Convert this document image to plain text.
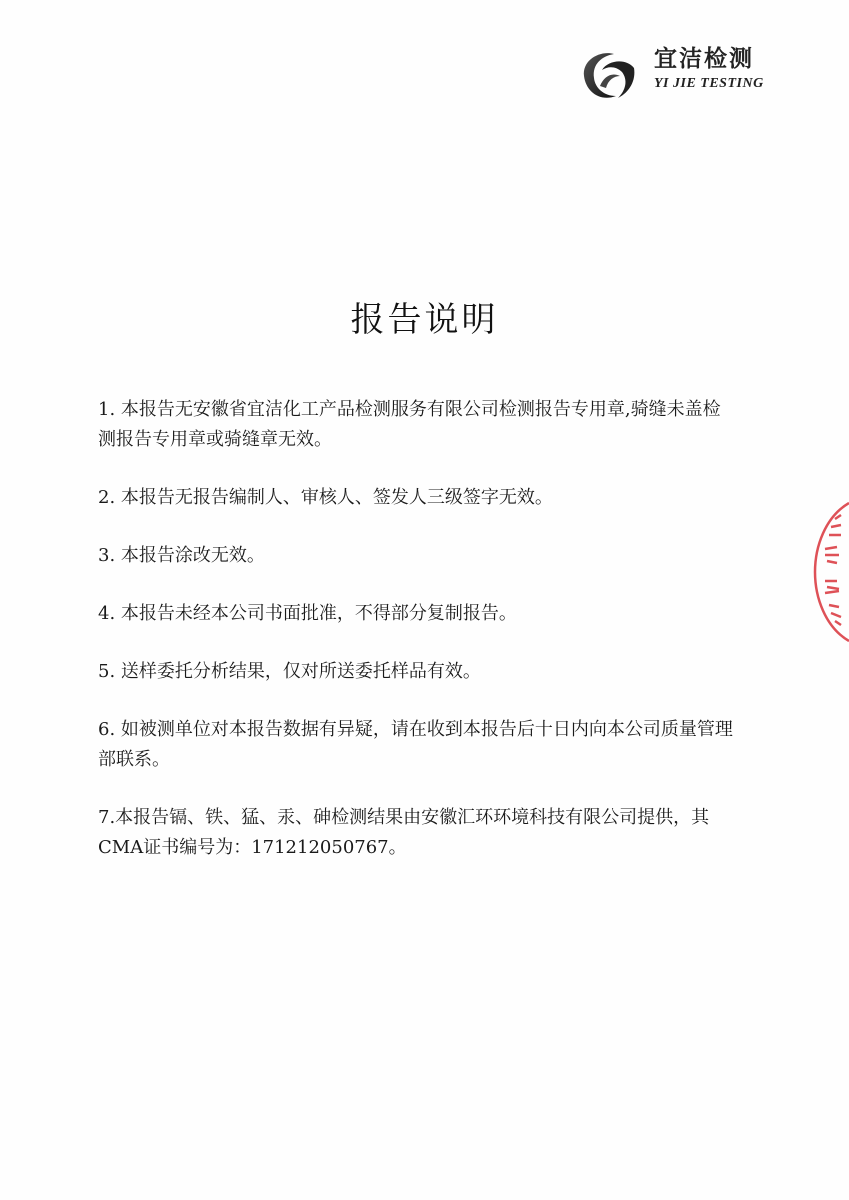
宜洁检测
YI JIE TESTING
报告说明
1. 本报告无安徽省宜洁化工产品检测服务有限公司检测报告专用章,骑缝未盖检测报告专用章或骑缝章无效。
2. 本报告无报告编制人、审核人、签发人三级签字无效。
3. 本报告涂改无效。
4. 本报告未经本公司书面批准，不得部分复制报告。
5. 送样委托分析结果，仅对所送委托样品有效。
6. 如被测单位对本报告数据有异疑，请在收到本报告后十日内向本公司质量管理部联系。
7.本报告镉、铁、猛、汞、砷检测结果由安徽汇环环境科技有限公司提供，其CMA证书编号为：171212050767。
